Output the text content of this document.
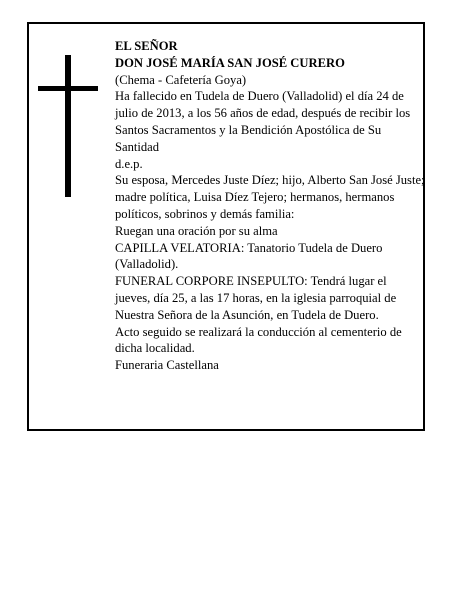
EL SEÑOR

DON JOSÉ MARÍA SAN JOSÉ CURERO

(Chema - Cafetería Goya)

Ha fallecido en Tudela de Duero (Valladolid) el día 24 de julio de 2013, a los 56 años de edad, después de recibir los Santos Sacramentos y la Bendición Apostólica de Su Santidad

d.e.p.

Su esposa, Mercedes Juste Díez; hijo, Alberto San José Juste; madre política, Luisa Díez Tejero; hermanos, hermanos políticos, sobrinos y demás familia:

Ruegan una oración por su alma

CAPILLA VELATORIA: Tanatorio Tudela de Duero (Valladolid).

FUNERAL CORPORE INSEPULTO: Tendrá lugar el jueves, día 25, a las 17 horas, en la iglesia parroquial de Nuestra Señora de la Asunción, en Tudela de Duero.

Acto seguido se realizará la conducción al cementerio de dicha localidad.

Funeraria Castellana
